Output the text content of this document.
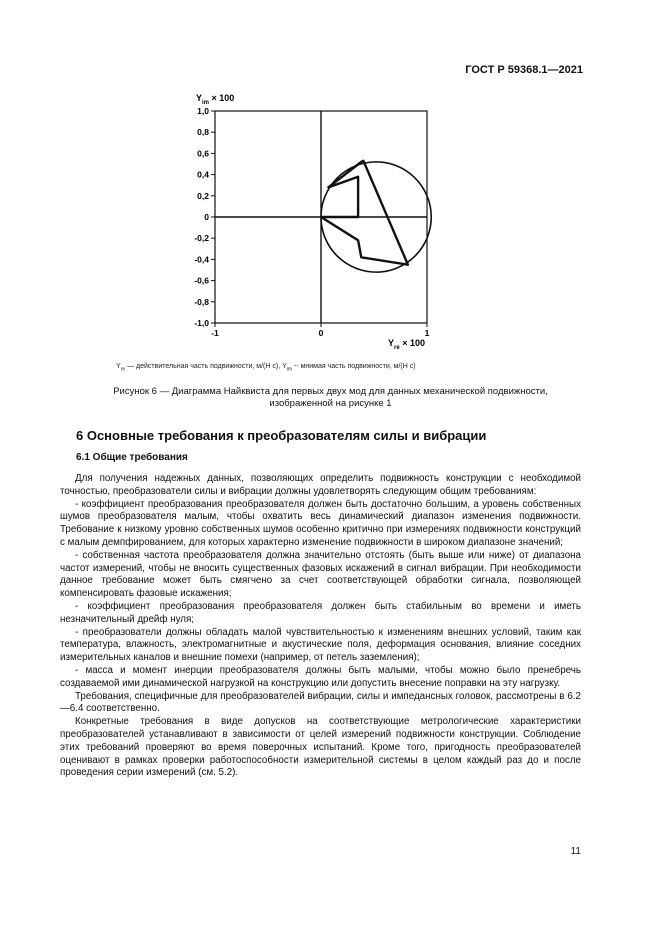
ГОСТ Р 59368.1—2021
1,0
0,8
0,6
0,4
0,2
0
-0,2
-0,4
-0,6
-0,8
-1,0
-1	0	1
$Y_{im} \times 100$
$Y_{re} \times 100$
$Y_{re}$ — действительная часть подвижности, м/(Н с), $Y_{im}$ -- мнимая часть подвижности, м/(Н с)
Рисунок 6 — Диаграмма Найквиста для первых двух мод для данных механической подвижности,
изображенной на рисунке 1
6 Основные требования к преобразователям силы и вибрации
6.1 Общие требования

Для получения надежных данных, позволяющих определить подвижность конструкции с необходимой точностью, преобразователи силы и вибрации должны удовлетворять следующим общим требованиям:

- коэффициент преобразования преобразователя должен быть достаточно большим, а уровень собственных шумов преобразователя малым, чтобы охватить весь динамический диапазон изменения подвижности. Требование к низкому уровню собственных шумов особенно критично при измерениях подвижности конструкций с малым демпфированием, для которых характерно изменение подвижности в широком диапазоне значений;

- собственная частота преобразователя должна значительно отстоять (быть выше или ниже) от диапазона частот измерений, чтобы не вносить существенных фазовых искажений в сигнал вибрации. При необходимости данное требование может быть смягчено за счет соответствующей обработки сигнала, позволяющей компенсировать фазовые искажения;

- коэффициент преобразования преобразователя должен быть стабильным во времени и иметь незначительный дрейф нуля;

- преобразователи должны обладать малой чувствительностью к изменениям внешних условий, таким как температура, влажность, электромагнитные и акустические поля, деформация основания, влияние соседних измерительных каналов и внешние помехи (например, от петель заземления);

- масса и момент инерции преобразователя должны быть малыми, чтобы можно было пренебречь создаваемой ими динамической нагрузкой на конструкцию или допустить внесение поправки на эту нагрузку.

Требования, специфичные для преобразователей вибрации, силы и импедансных головок, рассмотрены в 6.2—6.4 соответственно.

Конкретные требования в виде допусков на соответствующие метрологические характеристики преобразователей устанавливают в зависимости от целей измерений подвижности конструкции. Соблюдение этих требований проверяют во время поверочных испытаний. Кроме того, пригодность преобразователей оценивают в рамках проверки работоспособности измерительной системы в целом каждый раз до и после проведения серии измерений (см. 5.2).

11
